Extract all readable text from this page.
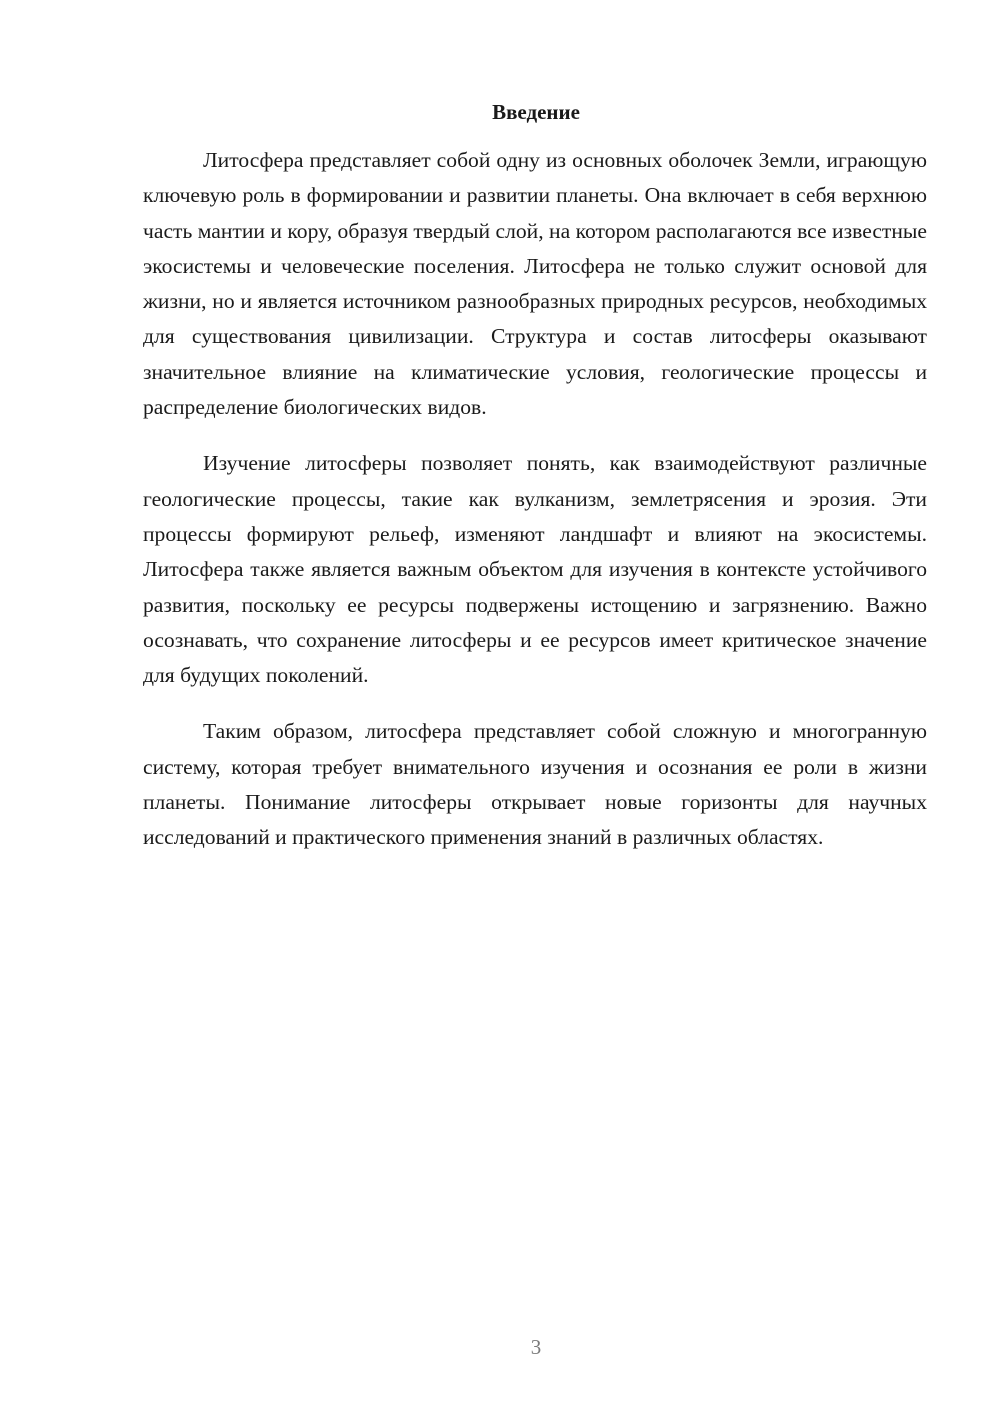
Введение

Литосфера представляет собой одну из основных оболочек Земли, играющую ключевую роль в формировании и развитии планеты. Она включает в себя верхнюю часть мантии и кору, образуя твердый слой, на котором располагаются все известные экосистемы и человеческие поселения. Литосфера не только служит основой для жизни, но и является источником разнообразных природных ресурсов, необходимых для существования цивилизации. Структура и состав литосферы оказывают значительное влияние на климатические условия, геологические процессы и распределение биологических видов.

Изучение литосферы позволяет понять, как взаимодействуют различные геологические процессы, такие как вулканизм, землетрясения и эрозия. Эти процессы формируют рельеф, изменяют ландшафт и влияют на экосистемы. Литосфера также является важным объектом для изучения в контексте устойчивого развития, поскольку ее ресурсы подвержены истощению и загрязнению. Важно осознавать, что сохранение литосферы и ее ресурсов имеет критическое значение для будущих поколений.

Таким образом, литосфера представляет собой сложную и многогранную систему, которая требует внимательного изучения и осознания ее роли в жизни планеты. Понимание литосферы открывает новые горизонты для научных исследований и практического применения знаний в различных областях.

3
